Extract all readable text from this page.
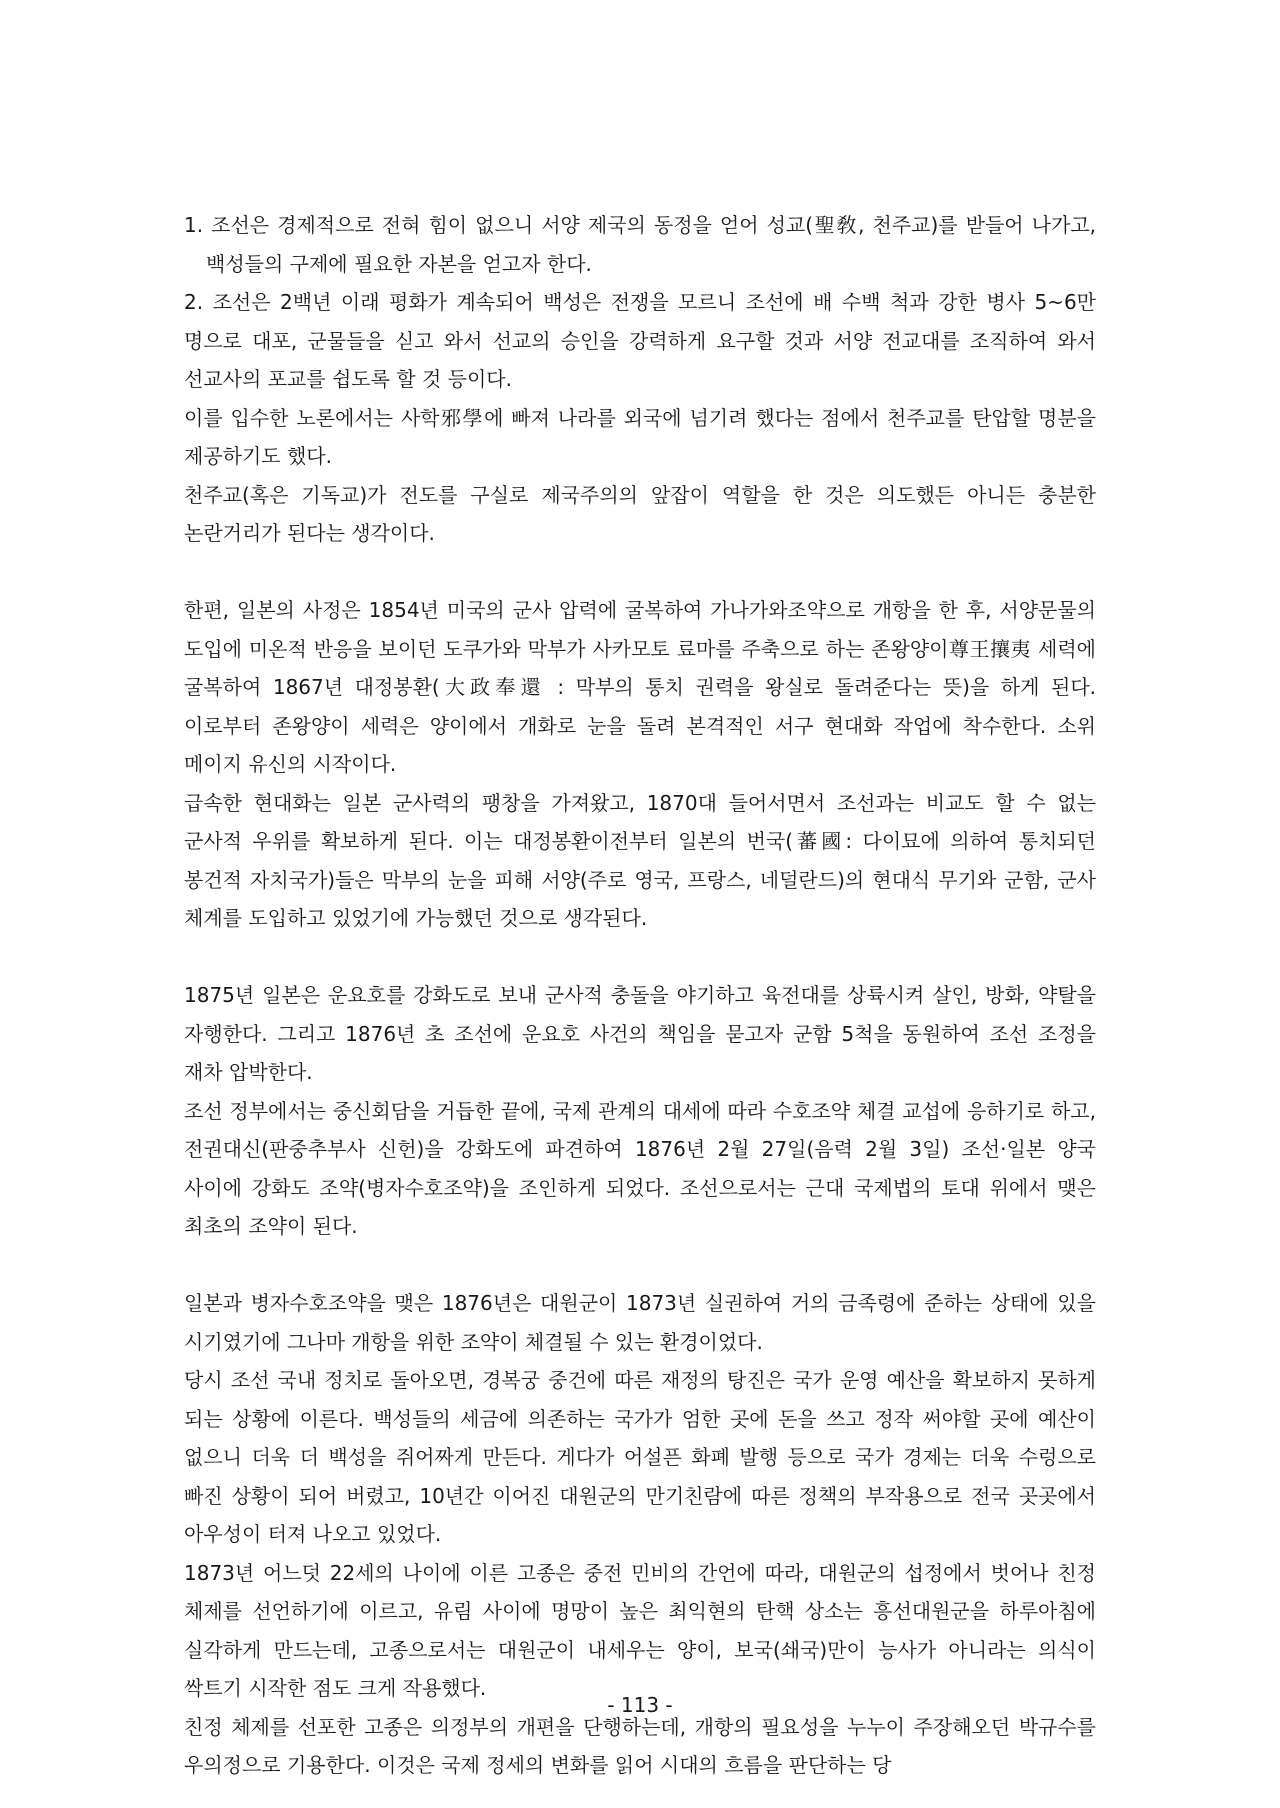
1. 조선은 경제적으로 전혀 힘이 없으니 서양 제국의 동정을 얻어 성교(聖敎, 천주교)를 받들어 나가고, 백성들의 구제에 필요한 자본을 얻고자 한다.

2. 조선은 2백년 이래 평화가 계속되어 백성은 전쟁을 모르니 조선에 배 수백 척과 강한 병사 5~6만 명으로 대포, 군물들을 싣고 와서 선교의 승인을 강력하게 요구할 것과 서양 전교대를 조직하여 와서 선교사의 포교를 쉽도록 할 것 등이다.

이를 입수한 노론에서는 사학邪學에 빠져 나라를 외국에 넘기려 했다는 점에서 천주교를 탄압할 명분을 제공하기도 했다.

천주교(혹은 기독교)가 전도를 구실로 제국주의의 앞잡이 역할을 한 것은 의도했든 아니든 충분한 논란거리가 된다는 생각이다.

한편, 일본의 사정은 1854년 미국의 군사 압력에 굴복하여 가나가와조약으로 개항을 한 후, 서양문물의 도입에 미온적 반응을 보이던 도쿠가와 막부가 사카모토 료마를 주축으로 하는 존왕양이尊王攘夷 세력에 굴복하여 1867년 대정봉환(大政奉還 : 막부의 통치 권력을 왕실로 돌려준다는 뜻)을 하게 된다. 이로부터 존왕양이 세력은 양이에서 개화로 눈을 돌려 본격적인 서구 현대화 작업에 착수한다. 소위 메이지 유신의 시작이다.

급속한 현대화는 일본 군사력의 팽창을 가져왔고, 1870대 들어서면서 조선과는 비교도 할 수 없는 군사적 우위를 확보하게 된다. 이는 대정봉환이전부터 일본의 번국(蕃國: 다이묘에 의하여 통치되던 봉건적 자치국가)들은 막부의 눈을 피해 서양(주로 영국, 프랑스, 네덜란드)의 현대식 무기와 군함, 군사 체계를 도입하고 있었기에 가능했던 것으로 생각된다.

1875년 일본은 운요호를 강화도로 보내 군사적 충돌을 야기하고 육전대를 상륙시켜 살인, 방화, 약탈을 자행한다. 그리고 1876년 초 조선에 운요호 사건의 책임을 묻고자 군함 5척을 동원하여 조선 조정을 재차 압박한다.

조선 정부에서는 중신회담을 거듭한 끝에, 국제 관계의 대세에 따라 수호조약 체결 교섭에 응하기로 하고, 전권대신(판중추부사 신헌)을 강화도에 파견하여 1876년 2월 27일(음력 2월 3일) 조선·일본 양국 사이에 강화도 조약(병자수호조약)을 조인하게 되었다. 조선으로서는 근대 국제법의 토대 위에서 맺은 최초의 조약이 된다.

일본과 병자수호조약을 맺은 1876년은 대원군이 1873년 실권하여 거의 금족령에 준하는 상태에 있을 시기였기에 그나마 개항을 위한 조약이 체결될 수 있는 환경이었다.

당시 조선 국내 정치로 돌아오면, 경복궁 중건에 따른 재정의 탕진은 국가 운영 예산을 확보하지 못하게 되는 상황에 이른다. 백성들의 세금에 의존하는 국가가 엄한 곳에 돈을 쓰고 정작 써야할 곳에 예산이 없으니 더욱 더 백성을 쥐어짜게 만든다. 게다가 어설픈 화폐 발행 등으로 국가 경제는 더욱 수렁으로 빠진 상황이 되어 버렸고, 10년간 이어진 대원군의 만기친람에 따른 정책의 부작용으로 전국 곳곳에서 아우성이 터져 나오고 있었다.

1873년 어느덧 22세의 나이에 이른 고종은 중전 민비의 간언에 따라, 대원군의 섭정에서 벗어나 친정 체제를 선언하기에 이르고, 유림 사이에 명망이 높은 최익현의 탄핵 상소는 흥선대원군을 하루아침에 실각하게 만드는데, 고종으로서는 대원군이 내세우는 양이, 보국(쇄국)만이 능사가 아니라는 의식이 싹트기 시작한 점도 크게 작용했다.

친정 체제를 선포한 고종은 의정부의 개편을 단행하는데, 개항의 필요성을 누누이 주장해오던 박규수를 우의정으로 기용한다. 이것은 국제 정세의 변화를 읽어 시대의 흐름을 판단하는 당

- 113 -
